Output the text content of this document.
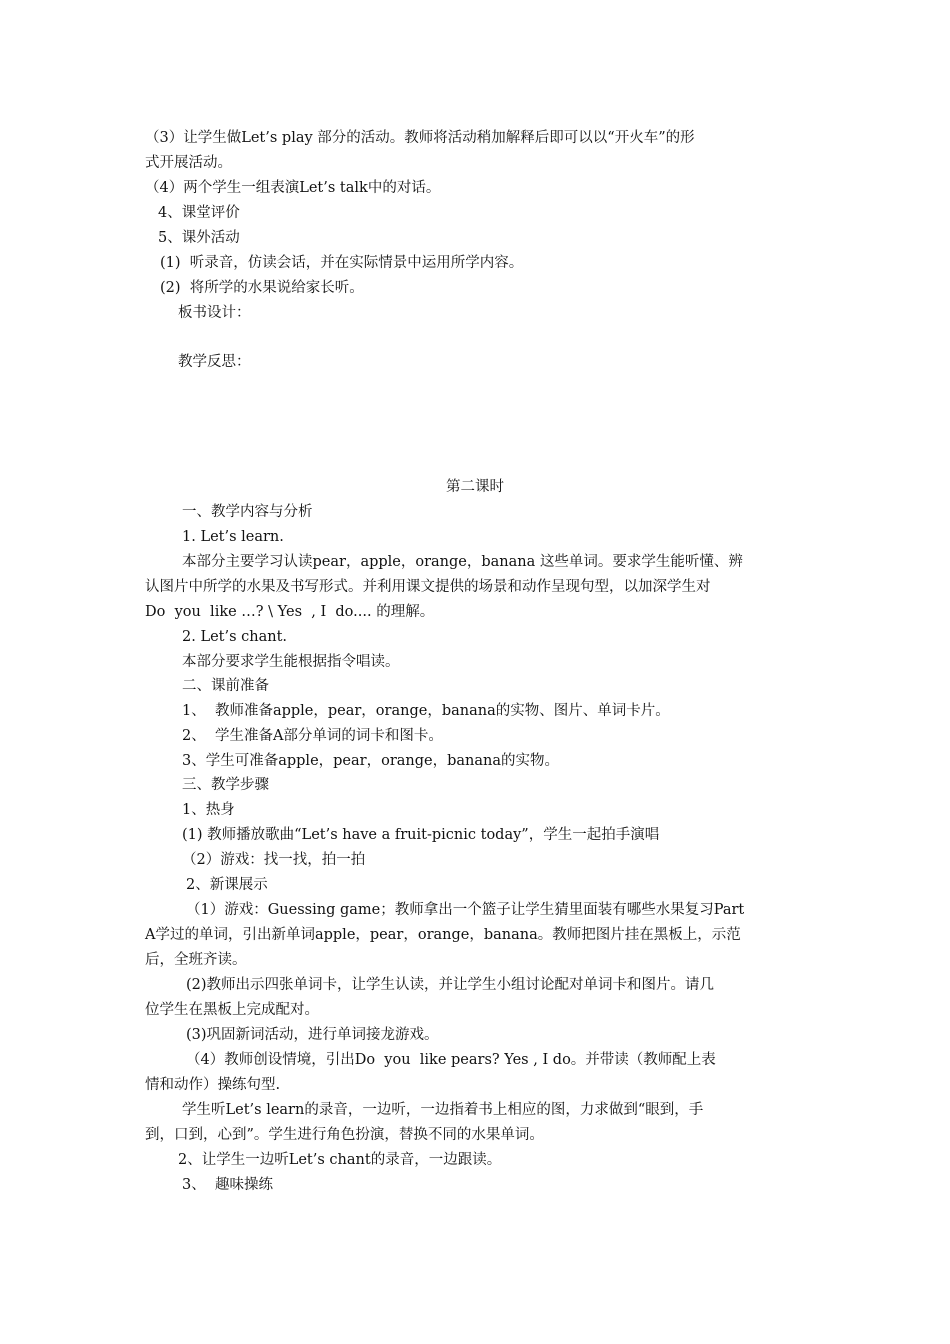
（3）让学生做Let’s play 部分的活动。教师将活动稍加解释后即可以以“开火车”的形
式开展活动。
（4）两个学生一组表演Let’s talk中的对话。
4、课堂评价
5、课外活动
(1)  听录音，仿读会话，并在实际情景中运用所学内容。
(2)  将所学的水果说给家长听。
板书设计：
教学反思：
第二课时
一、教学内容与分析
1. Let’s learn.
本部分主要学习认读pear，apple，orange，banana 这些单词。要求学生能听懂、辨
认图片中所学的水果及书写形式。并利用课文提供的场景和动作呈现句型，以加深学生对
Do  you  like …? \ Yes  , I  do.... 的理解。
2. Let’s chant.
本部分要求学生能根据指令唱读。
二、课前准备
1、  教师准备apple，pear，orange，banana的实物、图片、单词卡片。
2、  学生准备A部分单词的词卡和图卡。
3、学生可准备apple，pear，orange，banana的实物。
三、教学步骤
1、热身
(1) 教师播放歌曲“Let’s have a fruit-picnic today”，学生一起拍手演唱
（2）游戏：找一找，拍一拍
2、新课展示
（1）游戏：Guessing game；教师拿出一个篮子让学生猜里面装有哪些水果复习Part
A学过的单词，引出新单词apple，pear，orange，banana。教师把图片挂在黑板上，示范
后，全班齐读。
(2)教师出示四张单词卡，让学生认读，并让学生小组讨论配对单词卡和图片。请几
位学生在黑板上完成配对。
(3)巩固新词活动，进行单词接龙游戏。
（4）教师创设情境，引出Do  you  like pears? Yes , I do。并带读（教师配上表
情和动作）操练句型.
学生听Let’s learn的录音，一边听，一边指着书上相应的图，力求做到“眼到，手
到，口到，心到”。学生进行角色扮演，替换不同的水果单词。
2、让学生一边听Let’s chant的录音，一边跟读。
3、  趣味操练
